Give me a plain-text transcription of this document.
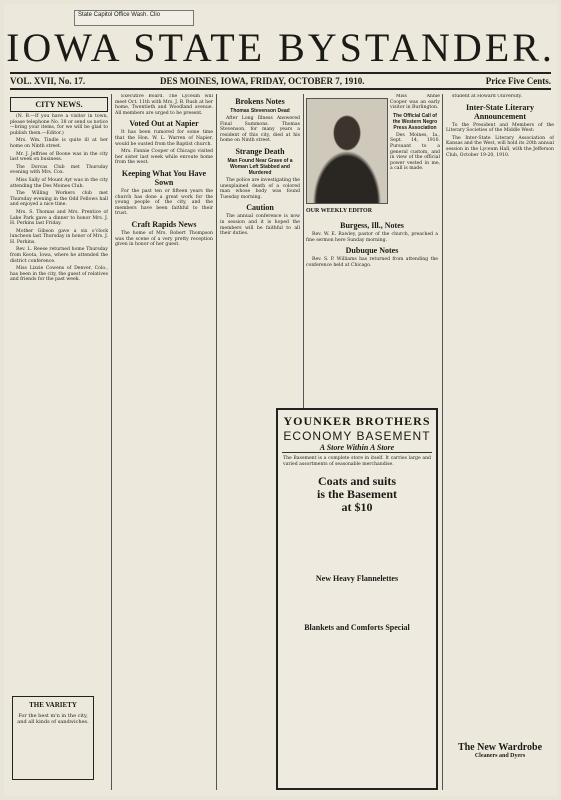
State Capitol Office Wash. Clio
IOWA STATE BYSTANDER.
VOL. XVII, No. 17.	DES MOINES, IOWA, FRIDAY, OCTOBER 7, 1910.	Price Five Cents.
CITY NEWS.

(N. B.—If you have a visitor in town, please telephone No. 38 or send us notice—bring your items, for we will be glad to publish them.—Editor.)

Mrs. Wm. Tindle is quite ill at her home on Ninth street.

Mr. J. Jeffries of Boone was in the city last week on business.

The Dorcas Club met Thursday evening with Mrs. Cox.

Miss Sally of Mount Ayr was in the city attending the Des Moines Club.

The Willing Workers club met Thursday evening in the Odd Fellows hall and enjoyed a nice time.

Mrs. S. Thomas and Mrs. Prentice of Lake Park gave a dinner to honor Mrs. J. H. Perkins last Friday.

Mother Gibson gave a six o'clock luncheon last Thursday in honor of Mrs. J. H. Perkins.

Rev. L. Reese returned home Thursday from Keota, Iowa, where he attended the district conference.

Miss Lizzie Cowens of Denver, Colo., has been in the city, the guest of relatives and friends for the past week.

Executive Board. The Lyceum will meet Oct. 11th with Mrs. J. B. Rush at her home, Twentieth and Woodland avenue. All members are urged to be present.

Voted Out at Napier

It has been rumored for some time that the Hon. W. L. Warren of Napier, would be ousted from the Baptist church.

Mrs. Fannie Cooper of Chicago visited her sister last week while enroute home from the west.

Keeping What You Have Sown

For the past ten or fifteen years the church has done a great work for the young people of the city, and the members have been faithful to their trust.

Craft Rapids News

The home of Mrs. Robert Thompson was the scene of a very pretty reception given in honor of her guest.

Brokens Notes
Thomas Stevenson Dead

After Long Illness Answered Final Summons. Thomas Stevenson, for many years a resident of this city, died at his home on Ninth street.

Strange Death
Man Found Near Grave of a Woman Left Stabbed and Murdered

The police are investigating the unexplained death of a colored man whose body was found Tuesday morning.

Caution

The annual conference is now in session and it is hoped the members will be faithful to all their duties.

Miss Annie Cooper was an early visitor in Burlington.

The Official Call of the Western Negro Press Association

Des Moines, Ia., Sept. 14, 1910. Pursuant to a general custom, and in view of the official power vested in me, a call is made.

OUR WEEKLY EDITOR
Burgess, Ill., Notes

Rev. W. E. Rawley, pastor of the church, preached a fine sermon here Sunday morning.

Dubuque Notes

Rev. S. P. Williams has returned from attending the conference held at Chicago.

student at Howard University.

Inter-State Literary Announcement

To the President and Members of the Literary Societies of the Middle West:

The Inter-State Literary Association of Kansas and the West, will hold its 20th annual session in the Lyceum Hall, with the Jefferson Club, October 19-20, 1910.

The New Wardrobe
Cleaners and Dyers
YOUNKER BROTHERS
ECONOMY BASEMENT
A Store Within A Store
The Basement is a complete store in itself. It carries large and varied assortments of seasonable merchandise.
Coats and suits
is the Basement
at $10
New Heavy Flannelettes
Blankets and Comforts Special
THE VARIETY
For the best m'n in the city, and all kinds of sandwiches.
